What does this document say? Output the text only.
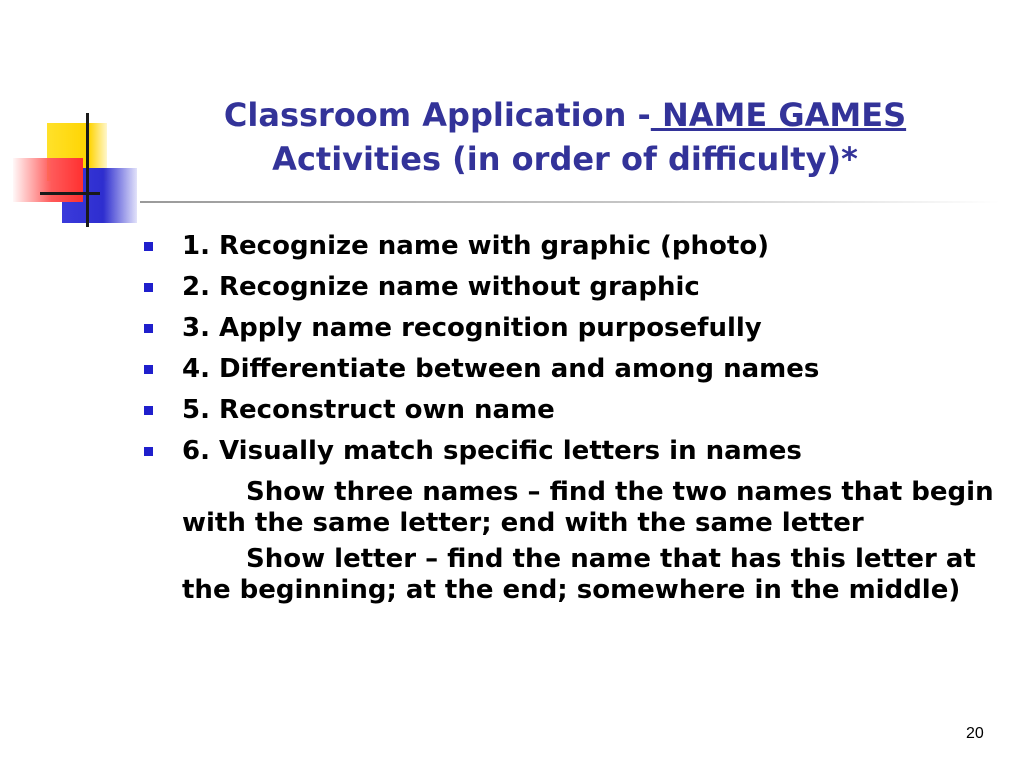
Classroom Application - NAME GAMES
Activities (in order of difficulty)*
1. Recognize name with graphic (photo)
2. Recognize name without graphic
3. Apply name recognition purposefully
4. Differentiate between and among names
5. Reconstruct own name
6. Visually match specific letters in names
Show three names – find the two names that begin with the same letter; end with the same letter
Show letter – find the name that has this letter at the beginning; at the end; somewhere in the middle)
20
